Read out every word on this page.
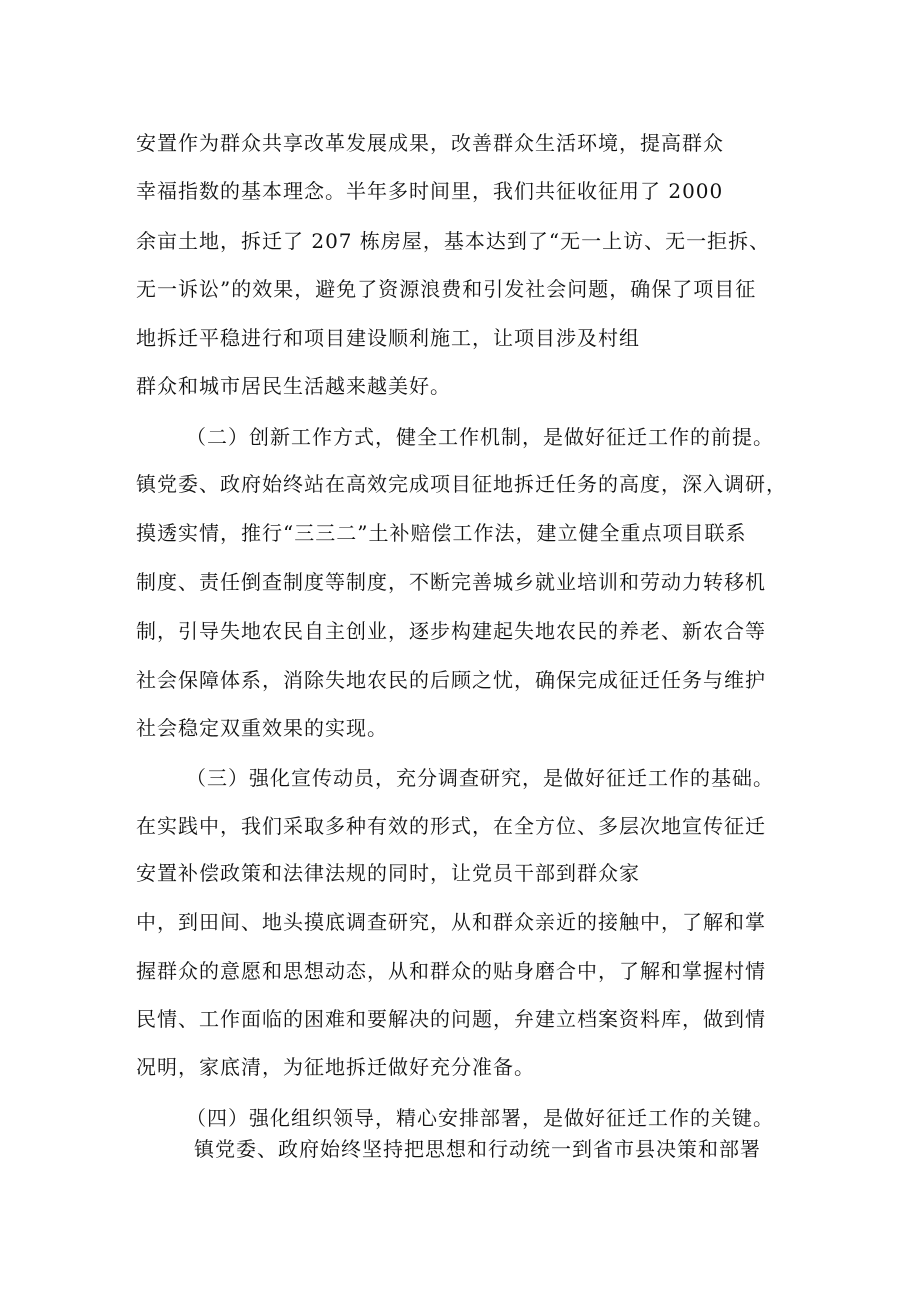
安置作为群众共享改革发展成果，改善群众生活环境，提高群众
幸福指数的基本理念。半年多时间里，我们共征收征用了 2000
余亩土地，拆迁了 207 栋房屋，基本达到了“无一上访、无一拒拆、
无一诉讼”的效果，避免了资源浪费和引发社会问题，确保了项目征
地拆迁平稳进行和项目建设顺利施工，让项目涉及村组
群众和城市居民生活越来越美好。
（二）创新工作方式，健全工作机制，是做好征迁工作的前提。
镇党委、政府始终站在高效完成项目征地拆迁任务的高度，深入调研，
摸透实情，推行“三三二”土补赔偿工作法，建立健全重点项目联系
制度、责任倒查制度等制度，不断完善城乡就业培训和劳动力转移机
制，引导失地农民自主创业，逐步构建起失地农民的养老、新农合等
社会保障体系，消除失地农民的后顾之忧，确保完成征迁任务与维护
社会稳定双重效果的实现。
（三）强化宣传动员，充分调查研究，是做好征迁工作的基础。
在实践中，我们采取多种有效的形式，在全方位、多层次地宣传征迁
安置补偿政策和法律法规的同时，让党员干部到群众家
中，到田间、地头摸底调查研究，从和群众亲近的接触中，了解和掌
握群众的意愿和思想动态，从和群众的贴身磨合中，了解和掌握村情
民情、工作面临的困难和要解决的问题，弁建立档案资料库，做到情
况明，家底清，为征地拆迁做好充分准备。
（四）强化组织领导，精心安排部署，是做好征迁工作的关键。
镇党委、政府始终坚持把思想和行动统一到省市县决策和部署
